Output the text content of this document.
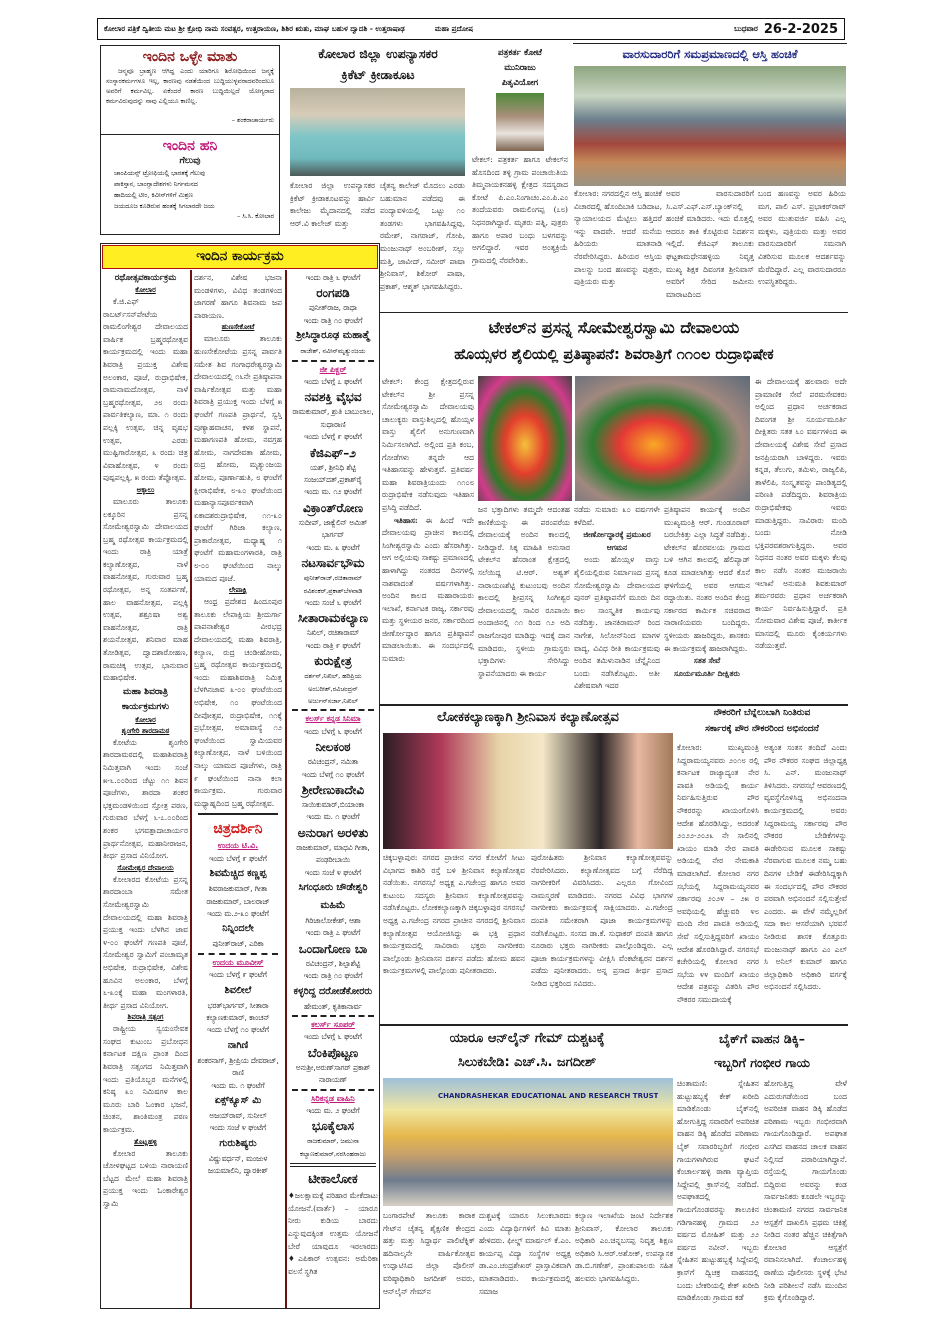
ಕೋಲಾರ ಪತ್ರಿಕೆ ದ್ವಿತೀಯ ಮಟ ಶ್ರೀ ಕ್ರೋಧಿ ನಾಮ ಸಂವತ್ಸರ, ಉತ್ತರಾಯಣ, ಶಿಶಿರ ಋತು, ಮಾಘ ಬಹುಳ ದ್ವಾದಶಿ - ಉತ್ತರಾಷಾಢ	ಮಹಾ ಪ್ರದೋಷ	ಬುಧವಾರ 26-2-2025
ಇಂದಿನ ಒಳ್ಳೇ ಮಾತು
ಜನ್ಮವೂ ಬ್ರಾಹ್ಮಣ ಆಗಿದ್ದ ಎಂದು ಯಾರಿಗೂ ಶಿರೋಧಿಯಿಂದ ಜನ್ಮಕ್ಕೆ ಸಂಸ್ಕಾರಕರ್ಮಗಳೂ ಇಲ್ಲ, ಕಾರಣವು ನಡತೆಯಿಂದ ಬುದ್ಧಿಯುಳ್ಳವರಾದವರಿಂದಲೂ ಅವರಿಗೆ ಕರ್ಮವಿಲ್ಲ. ಏಕೆಂದರೆ ಕಾರಣ ಬುದ್ಧಿಯಿಲ್ಲದೆ ಯೋಗ್ಯರಾದ ಕರ್ಮವಿರುವುದನ್ನು ನಾವು ಎಲ್ಲಿಯೂ ಕಾಣಿಲ್ಲ.
– ಶಂಕರಾಚಾರ್ಯರು
ಇಂದಿನ ಹನಿ
ಗೆಲುವು
ಚಾಂಪಿಯನ್ಸ್ ಟ್ರೋಫಿಯಲ್ಲಿ ಭಾರತಕ್ಕೆ ಗೆಲುವು
ಪಾಕಿಸ್ತಾನ, ಬಾಂಗ್ಲಾದೇಶಗಳು ನಿರ್ಗಮನದ
ಹಾದಿಯಲ್ಲಿ ಟೀಂ, ಕಿವೀಸ್‌ಗಳಿಗೆ ಮಿಶ್ರಣ
ಜಯದೂಜ ಕೂಡಿರುವ ಹಂತಕ್ಕೆ ಸಿಗಲಾರದೇ ಜಯ
– ಸಿ.ಸಿ. ಕೋಲಾರ
ಕೋಲಾರ ಜಿಲ್ಲಾ ಉಪನ್ಯಾಸಕರ
ಕ್ರಿಕೆಟ್ ಕ್ರೀಡಾಕೂಟ
ಕೋಲಾರ ಜಿಲ್ಲಾ ಉಪನ್ಯಾಸಕರ ಕ್ರಿಕೆಟ್ ಕ್ರೀಡಾಕೂಟವನ್ನು ಹಾರ್ವಿ ಕಾಲೇಜು ಮೈದಾನದಲ್ಲಿ ನಡೆದ ಆರ್.ವಿ ಕಾಲೇಜ್ ಮತ್ತು
ಚೈತನ್ಯ ಕಾಲೇಜ್ ಮೊದಲು ಎರಡು ಬಹುಮಾನ ಪಡೆದವು ಈ ಪಂದ್ಯಾವಳಿಯಲ್ಲಿ ಒಟ್ಟು ೧೦ ತಂಡಗಳು ಭಾಗವಹಿಸಿದ್ದವು, ರಮೇಶ್, ನಾಗರಾಜ್, ಗೋಪಿ, ಮಂಜುನಾಥ್ ಅಂಬರೀಶ್, ಸಲ್ಲು ಮತ್ತಿ, ಜಾವೀದ್, ಸಮೀರ್ ಪಾಷಾ ಶ್ರೀನಿವಾಸ್, ಶಿಕೋರ್ ಪಾಷಾ, ಪ್ರಕಾಶ್, ಆಶ್ಮತ್ ಭಾಗವಹಿಸಿದ್ದರು.
ಪತ್ರಕರ್ತ ಕೋಟೆ
ಮುನಿರಾಜು
ಪಿತೃವಿಯೋಗ
ಟೇಕಲ್: ಪತ್ರಕರ್ತ ಹಾಗೂ ಟೇಕಲ್‌ನ ಹೊಸದಿಂದ ತಳ್ಳಿ ಗ್ರಾಮ ಪಂಚಾಯಿತಿಯ ತಿಮ್ಮನಾಯಕನಹಳ್ಳಿ ಕ್ಷೇತ್ರದ ಸದಸ್ಯರಾದ ಕೋಟೆ ಪಿ.ಎಂ.ನಿಂಗಾಚಂ.ಎಂ.ಪಿ.ಎಂ ತಂದೆಯವರು ರಾಮಲಿಂಗಪ್ಪ (೭೮) ನಿಧನರಾಗಿದ್ದಾರೆ. ಮೃತರು ಪತ್ನಿ, ಪುತ್ರರು ಹಾಗೂ ಅಪಾರ ಬಂಧು ಬಳಗವನ್ನು ಅಗಲಿದ್ದಾರೆ. ಇವರ ಅಂತ್ಯಕ್ರಿಯೆ ಗ್ರಾಮದಲ್ಲಿ ನೆರವೇರಿತು.
ವಾರಸುದಾರರಿಗೆ ಸಮಪ್ರಮಾಣದಲ್ಲಿ ಆಸ್ತಿ ಹಂಚಿಕೆ
ಕೋಲಾರ: ನಗರದಲ್ಲಿನ ಆಸ್ತಿ ಹಂಚಿಕೆ ವಿಚಾರದಲ್ಲಿ ಹೊಂದಿಬಾಕಿ ಬಡಿದಾಟ, ನ್ಯಾಯಾಲಯದ ಮೆಟ್ಟಿಲು ಹತ್ತಿದರೆ ಇನ್ನು ವಾದವೇ. ಆದರೆ ಮನೆಯ ಹಿರಿಯರು ಮಾತನಾಡಿ ನೆರವೇರಿಸಿದ್ದರು. ಹಿರಿಯರ ಆಸ್ತಿಯ ಪಾಲನ್ನು ಬಂದ ಹಣವನ್ನು ಪುತ್ರರು, ಪುತ್ರಿಯರು ಮತ್ತು
ಅವರ ವಾರಸುದಾರರಿಗೆ ಸಿ.ಎಸ್.ಎಫ್.ಎಸ್.ಬ್ಯಾಂಕ್‌ನಲ್ಲಿ ಹಂಚಿಕೆ ಮಾಡಿದರು. ಇದು ಮೊತ್ತಲ್ಲಿ ಆದರೂ ತಾಕಿ ಕೊಟ್ಟಿರುವ ನಿದರ್ಶನ ಇಲ್ಲಿದೆ. ಕೆಜಿಎಫ್ ತಾಲೂಕು ಘಟ್ಟಕಾಮಧೇನಹಳ್ಳಿಯ ನಿವೃತ್ತ ಮುಖ್ಯ ಶಿಕ್ಷಕ ದಿವಂಗತ ಶ್ರೀನಿವಾಸ್ ಅವರಿಗೆ ಸೇರಿದ ಜಮೀನು ಮಾರಾಟದಿಂದ
ಬಂದ ಹಣವನ್ನು ಅವರ ಹಿರಿಯ ಮಗ, ಪಾಲಿ ಎಸ್. ಪ್ರಭಾಕರ್‌ರಾವ್ ಅವರ ಮುತುವರ್ಜಿ ವಹಿಸಿ ಎಲ್ಲ ಮಕ್ಕಳು, ಪುತ್ರಿಯರು ಮತ್ತು ಅವರ ವಾರಸುದಾರರಿಗೆ ಸಮನಾಗಿ ವಿತರಿಸುವ ಮೂಲಕ ಆದರ್ಶವನ್ನು ಮೆರೆದಿದ್ದಾರೆ. ಎಲ್ಲ ವಾರಸುದಾರರೂ ಉಪಸ್ಥಿತರಿದ್ದರು.
ಇಂದಿನ ಕಾರ್ಯಕ್ರಮ
ರಥೋತ್ಸವಕಾರ್ಯಕ್ರಮ
ಕೋಲಾರ
ಕೆ.ಜಿ.ಎಫ್ ರಾಬರ್ಟ್‌ಸನ್‌ಪೇಟೆಯ ರಾಮಲಿಂಗೇಶ್ವರ ದೇವಾಲಯದ ವಾರ್ಷಿಕ ಬ್ರಹ್ಮರಥೋತ್ಸವ ಕಾರ್ಯಕ್ರಮದಲ್ಲಿ ಇಂದು ಮಹಾ ಶಿವರಾತ್ರಿ ಪ್ರಯುಕ್ತ ವಿಶೇಷ ಅಲಂಕಾರ, ಪೂಜೆ, ರುದ್ರಾಭಿಷೇಕ, ರಾಮನಾಮದೋತ್ಸವ, ನಾಳೆ ಬ್ರಹ್ಮರಥೋತ್ಸವ, ೨೮ ರಂದು ಪಾರ್ವತಿಕಲ್ಯಾಣ, ಮಾ. ೧ ರಂದು ಪಲ್ಲಕ್ಕಿ ಉತ್ಸವ, ಚಿನ್ನ ವೃಷಭ ಉತ್ಸವ, ಎರಡು ಮುಷ್ಟಿಗಾರೋತ್ಸವ, ೩ ರಂದು ಚಿತ್ರ ವಿವಾಹೋತ್ಸವ, ೪ ರಂದು ಪುಷ್ಪಪಲ್ಲಕ್ಕಿ, ೫ ರಂದು ತೆಪ್ಪೋತ್ಸವ.
ಅಕ್ಕಾಲು
ಮಾಲೂರು ತಾಲೂಕು ಲಕ್ಕೂರಿನ ಪ್ರಸನ್ನ ಸೋಮೇಶ್ವರಸ್ವಾಮಿ ದೇವಾಲಯದ ಬ್ರಹ್ಮ ರಥೋತ್ಸವ ಕಾರ್ಯಕ್ರಮದಲ್ಲಿ ಇಂದು ರಾತ್ರಿ ಯಾತ್ರೆ ಕಲ್ಯಾಣೋತ್ಸವ, ನಾಳೆ ವಾಹನೋತ್ಸವ, ಗುರುವಾರ ಬ್ರಹ್ಮ ರಥೋತ್ಸವ, ಅನ್ನ ಸಂತರ್ಪಣೆ, ಹಾಲ ವಾಹನೋತ್ಸವ, ಪಲ್ಲಕ್ಕಿ ಉತ್ಸವ, ಶಶ್ರೂಷಾ ಅಶ್ವ ವಾಹನೋತ್ಸವ, ರಾತ್ರಿ ಶಯನೋತ್ಸವ, ಶನಿವಾರ ಮಾಹ ತೋಡಿತ್ಸವ, ದ್ವಾದಶಾರೋಹಣ, ರಾಮಚಿಕ್ಕ ಉತ್ಸವ, ಭಾನುವಾರ ಮಹಾಭಿಷೇಕ.
ಮಹಾ ಶಿವರಾತ್ರಿ
ಕಾರ್ಯಕ್ರಮಗಳು
ಕೋಲಾರ
ಶೃಂಗೇರಿ ಶಾರದಾಮಠ
ಕೋಟೆಯ ಶೃಂಗೇರಿ ಶಾರದಾಮಠದಲ್ಲಿ ಮಹಾಶಿವರಾತ್ರಿ ನಿಮಿತ್ತವಾಗಿ ಇಂದು ಸಂಜೆ ೫-೬.೦೦ರಿಂದ ಚೆಟ್ಟು ೧೧ ಶಿವನ ಪೂಜೆಗಳು, ಶಾರದಾ ಶಂಕರ ಭಕ್ತಮಂಡಳಿಯಿಂದ ಸ್ತೋತ್ರ ಪಠಣ, ಗುರುವಾರ ಬೆಳಗ್ಗೆ ೬-೭.೦೦ರಿಂದ ಶಂಕರ ಭಗವತ್ಪಾದಾಚಾರ್ಯರ ಪ್ರಾರ್ಥನೋತ್ಸವ, ಮಹಾನೀರಾಜನ, ತೀರ್ಥ ಪ್ರಸಾದ ವಿನಿಯೋಗ.
ಸೋಮೇಶ್ವರ ದೇವಾಲಯ
ಕೋಲಾರದ ಕೋಟೆಯ ಪ್ರಸನ್ನ ಶಾರದಾಂಬಾ ಸಮೇತ ಸೋಮೇಶ್ವರಸ್ವಾಮಿ ದೇವಾಲಯದಲ್ಲಿ ಮಹಾ ಶಿವರಾತ್ರಿ ಪ್ರಯುಕ್ತ ಇಂದು ಬೆಳಗಿನ ಜಾವ ೪-೦೦ ಘಂಟೆಗೆ ಗಣಪತಿ ಪೂಜೆ, ಸೋಮೇಶ್ವರ ಸ್ವಾಮಿಗೆ ಪಂಚಾಮೃತ ಅಭಿಷೇಕ, ರುದ್ರಾಭಿಷೇಕ, ವಿಶೇಷ ಹೂವಿನ ಅಲಂಕಾರ, ಬೆಳಗ್ಗೆ ೬-೩೦ಕ್ಕೆ ಮಹಾ ಮಂಗಳಾರತಿ, ತೀರ್ಥ ಪ್ರಸಾದ ವಿನಿಯೋಗ.
ಶಿವರಾತ್ರಿ ಸತ್ಸಂಗ
ರಾಷ್ಟ್ರೀಯ ಸ್ವಯಂಸೇವಕ ಸಂಘದ ಕುಟುಂಬ ಪ್ರಬೋಧನ ಕರ್ನಾಟಕ ದಕ್ಷಿಣ ಪ್ರಾಂತ ದಿಂದ ಶಿವರಾತ್ರಿ ಸತ್ಸಂಗದ ನಿಮಿತ್ತವಾಗಿ ಇಂದು ಪ್ರತಿಯೊಬ್ಬರ ಮನೆಗಳಲ್ಲಿ ಕನಿಷ್ಠ ೩೦ ನಿಮಿಷಗಳ ಕಾಲ ಮೂರು ಬಾರಿ ಓಂಕಾರ ಭಜನೆ, ಚಿಂತನ, ಶಾಂತಿಮಂತ್ರ ಪಠಣ ಕಾರ್ಯಕ್ರಮ.
ತೊಟ್ಲಹಳ್ಳಿ
ಕೋಲಾರ ತಾಲೂಕು ಚೋಳಘಟ್ಟದ ಬಳಿಯ ನಾರಾಯಣಿ ಬೆಟ್ಟದ ಮೇಲೆ ಮಹಾ ಶಿವರಾತ್ರಿ ಪ್ರಯುಕ್ತ ಇಂದು ಓಂಕಾರೇಶ್ವರ ಸ್ವಾಮಿ
ದರ್ಶನ, ವಿಶೇಷ ಭಜನಾ ಮಂಡಳಿಗಳು, ವಿವಿಧ ತಂಡಗಳಿಂದ ಜಾಗರಣೆ ಹಾಗೂ ಶಿವನಾಮ ಜಪ ಪಾರಾಯಣ.
ಹುಣಸೇಕೋಟೆ
ಮಾಲೂರು ತಾಲೂಕು ಹುಣಸೇಕೋಟೆಯ ಪ್ರಸನ್ನ ಪಾರ್ವತಿ ಸಮೇತ ಶಿವ ಗಂಗಾಧರೇಶ್ವರಸ್ವಾಮಿ ದೇವಾಲಯದಲ್ಲಿ ೧೬ನೇ ಪ್ರತಿಷ್ಠಾಪನಾ ವಾರ್ಷಿಕೋತ್ಸವ ಮತ್ತು ಮಹಾ ಶಿವರಾತ್ರಿ ಪ್ರಯುಕ್ತ ಇಂದು ಬೆಳಗ್ಗೆ ೫ ಘಂಟೆಗೆ ಗಣಪತಿ ಪ್ರಾರ್ಥನೆ, ಸ್ವಸ್ತಿ ಪುಣ್ಯಾಹವಾಚನ, ಕಳಶ ಸ್ಥಾಪನೆ, ಮಹಾಗಣಪತಿ ಹೋಮ, ನವಗ್ರಹ ಹೋಮ, ನಾಗದೇವತಾ ಹೋಮ, ರುದ್ರ ಹೋಮ, ಮೃತ್ಯುಂಜಯ ಹೋಮ, ಪೂರ್ಣಾಹುತಿ, ೮ ಘಂಟೆಗೆ ಕ್ಷೀರಾಭಿಷೇಕ, ೮-೩೦ ಘಂಟೆಯಿಂದ ಮಹಾನ್ಯಾಸಪೂರ್ವಕವಾಗಿ ಏಕಾದಶರುದ್ರಾಭಿಷೇಕ, ೧೧-೩೦ ಘಂಟೆಗೆ ಗಿರಿಜಾ ಕಲ್ಯಾಣ, ಪ್ರಾಕಾರೋತ್ಸವ, ಮಧ್ಯಾಹ್ನ ೧ ಘಂಟೆಗೆ ಮಹಾಮಂಗಳಾರತಿ, ರಾತ್ರಿ ೮-೦೦ ಘಂಟೆಯಿಂದ ನಾಲ್ಕು ಯಾಮದ ಪೂಜೆ.
ಲೇಪಾಕ್ಷಿ
ಆಂಧ್ರ ಪ್ರದೇಶದ ಹಿಂದೂಪುರ ತಾಲೂಕು ಲೇಪಾಕ್ಷಿಯ ಶ್ರೀದುರ್ಗಾ ಪಾಪನಾಶೇಶ್ವರ ವೀರಭದ್ರ ದೇವಾಲಯದಲ್ಲಿ ಮಹಾ ಶಿವರಾತ್ರಿ, ಕಲ್ಯಾಣ, ರುದ್ರ ಚಂಡೀಹೋಮ, ಬ್ರಹ್ಮ ರಥೋತ್ಸವ ಕಾರ್ಯಕ್ರಮದಲ್ಲಿ ಇಂದು ಮಹಾಶಿವರಾತ್ರಿ ನಿಮಿತ್ತ ಬೆಳಗಿನಜಾವ ೩-೦೦ ಘಂಟೆಯಿಂದ ಅಭಿಷೇಕ, ೧೦ ಘಂಟೆಯಿಂದ ದೀಪೋತ್ಸವ, ರುದ್ರಾಭಿಷೇಕ, ೧೧ಕ್ಕೆ ಪ್ರಭೋತ್ಸವ, ಅಮಾವಾಸ್ಯೆ ೧೨ ಘಂಟೆಯಿಂದ ಸ್ವಾಮಿಯವರ ಕಲ್ಯಾಣೋತ್ಸವ, ನಾಳೆ ಬಳಿಯಿಂದ ನಾಲ್ಕು ಯಾಮದ ಪೂಜೆಗಳು, ರಾತ್ರಿ ೯ ಘಂಟೆಯಿಂದ ನಾನಾ ಕಲಾ ಕಾರ್ಯಕ್ರಮ. ಗುರುವಾರ ಮಧ್ಯಾಹ್ನದಿಂದ ಬ್ರಹ್ಮ ರಥೋತ್ಸವ.
ಚಿತ್ರದರ್ಶಿನಿ
ಉದಯ ಟಿ.ವಿ.
ಇಂದು ಬೆಳಗ್ಗೆ ೯ ಘಂಟೆಗೆ
ಶಿವಮೆಚ್ಚಿದ ಕಣ್ಣಪ್ಪ
ಶಿವರಾಜಕುಮಾರ್, ಗೀತಾ ರಾಜಕುಮಾರ್, ಬಾಲರಾಜ್
ಇಂದು ಮ.೨-೩೦ ಘಂಟೆಗೆ
ನಿನ್ನಿಂದಲೇ
ಪುನೀತ್‌ರಾಜ್, ಎರಿಕಾ
ಉದಯ ಮೂವೀಸ್
ಇಂದು ಬೆಳಗ್ಗೆ ೯ ಘಂಟೆಗೆ
ಶಿವಲೀಲೆ
ಭರತ್‌ಭಾರ್ಗವ್, ಸೀತಾರಾ ಕಲ್ಯಾಣಕುಮಾರ್, ಕಾಂಚನ್
ಇಂದು ಬೆಳಗ್ಗೆ ೧೦ ಘಂಟೆಗೆ
ನಾಗಿಣಿ
ಶಂಕರನಾಗ್, ಶ್ರೀಪ್ರಿಯ ದೇವರಾಜ್, ರಾಣಿ
ಇಂದು ಮ. ೧ ಘಂಟೆಗೆ
ಏಕ್ಸ್‌ಕ್ಯೂಸ್ ಮಿ
ಅಜಯ್‌ರಾವ್, ಸುನೀಲ್
ಇಂದು ಸಂಜೆ ೪ ಘಂಟೆಗೆ
ಗುರುಶಿಷ್ಯರು
ವಿಷ್ಣುವರ್ಧನ್, ಮಂಜುಳ ಜಯಮಾಲಿನಿ, ದ್ವಾರಕೀಶ್
ಇಂದು ರಾತ್ರಿ ೬ ಘಂಟೆಗೆ
ರಂಗಪಡಿ
ಪುನೀತ್‌ರಾಜ, ರಾಧಾ
ಇಂದು ರಾತ್ರಿ ೧೦ ಘಂಟೆಗೆ
ಶ್ರೀಸಿದ್ಧಾರೂಢ ಮಹಾತ್ಮೆ
ರಾಜೇಶ್, ನವೀನ್‌ಮೃತ್ಯುಂಜಯ
ಜೀ ಪಿಕ್ಚರ್
ಇಂದು ಬೆಳಗ್ಗೆ ೭ ಘಂಟೆಗೆ
ನವಶಕ್ತಿ ವೈಭವ
ರಾಮಕುಮಾರ್, ಶ್ರುತಿ ಬಾಬುಲಾಲ, ಸುಧಾರಾಣಿ
ಇಂದು ಬೆಳಗ್ಗೆ ೯ ಘಂಟೆಗೆ
ಕೆಜಿಎಫ್–೨
ಯಶ್, ಶ್ರೀನಿಧಿ ಶೆಟ್ಟಿ ಸಂಜಯ್‌ದತ್,ಪ್ರಕಾಶ್‌ರೈ
ಇಂದು ಮ. ೧೨ ಘಂಟೆಗೆ
ವಿಕ್ರಾಂತ್‌ರೋಣ
ಸುದೀಪ್, ಜಾಕ್ವೆಲಿನ್ ಅಮಿತ್ ಭಾರ್ಗವ್
ಇಂದು ಮ. ೩ ಘಂಟೆಗೆ
ನಟಸಾರ್ವಭೌಮ
ಪುನೀತ್‌ರಾಜ್,ರಚಿತಾರಾಮ್ ರವಿಶಂಕರ್,ಪ್ರಕಾಶ್‌ಬೆಳವಾಡಿ
ಇಂದು ಸಂಜೆ ೬ ಘಂಟೆಗೆ
ಸೀತಾರಾಮಕಲ್ಯಾಣ
ನಿಖಿಲ್, ರಚಿತಾರಾಮ್
ಇಂದು ರಾತ್ರಿ ೯ ಘಂಟೆಗೆ
ಕುರುಕ್ಷೇತ್ರ
ದರ್ಶನ್,ನಿಖಿಲ್, ಹರಿಪ್ರಿಯ ಅಂಬರೀಶ್,ರವಿಚಂದ್ರನ್ ಅರ್ಜುನ್‌ಸರ್ಜಾ,ನಿಖಿಲ್
ಕಲರ್ಸ್ ಕನ್ನಡ ಸಿನಿಮಾ
ಇಂದು ಬೆಳಗ್ಗೆ ೬ ಘಂಟೆಗೆ
ನೀಲಕಂಠ
ರವಿಚಂದ್ರನ್, ನಮಿತಾ
ಇಂದು ಬೆಳಗ್ಗೆ ೧೦ ಘಂಟೆಗೆ
ಶ್ರೀರೇಣುಕಾದೇವಿ
ಸಾಯಿಕುಮಾರ್,ಬಿಯಾಂಕಾ
ಇಂದು ಮ. ೧ ಘಂಟೆಗೆ
ಅನುರಾಗ ಅರಳಿತು
ರಾಜಕುಮಾರ್, ಮಾಧವಿ ಗೀತಾ, ಪಂಢರೀಬಾಯಿ
ಇಂದು ಸಂಜೆ ೪ ಘಂಟೆಗೆ
ಸಿಗಂಧೂರು ಚೌಡೇಶ್ವರಿ ಮಹಿಮೆ
ಗಿರಿಜಾಲೋಕೇಶ್, ಆಶಾ
ಇಂದು ರಾತ್ರಿ ೭ ಘಂಟೆಗೆ
ಒಂದಾಗೋಣ ಬಾ
ರವಿಚಂದ್ರನ್, ಶಿಲ್ಪಾಶೆಟ್ಟಿ
ಇಂದು ರಾತ್ರಿ ೧೦ ಘಂಟೆಗೆ
ಕಳ್ಳರಿದ್ದ ದರೋಡೆಕೋರರು
ಹೇಮಂತ್, ಕೃತಿಕಾನಾರ್ವ
ಕಲರ್ಸ್ ಸೂಪರ್
ಇಂದು ಬೆಳಗ್ಗೆ ೬ ಘಂಟೆಗೆ
ಬೆಂಕಿಪೊಟ್ಟಣ
ಅನುಶ್ರೀ,ಅರುಣ್‌ಸಾಗರ್ ಪ್ರಕಾಶ್ ನಾರಾಯಣ್
ಸಿರಿಕನ್ನಡ ವಾಹಿನಿ
ಇಂದು ಮ. ೨ ಘಂಟೆಗೆ
ಭೂಕೈಲಾಸ
ರಾಜಕುಮಾರ್, ಜಮುನಾ ಕಲ್ಯಾಣಕುಮಾರ್,ನರಸಿಂಹರಾಜು
ಟೀಕಾಲೋಕ
♦ಜಲಕ್ಷಾಮಕ್ಕೆ ಪರಿಹಾರ ಮೇಕೆದಾಟು ಯೋಜನೆ.(ವಾರ್ತೆ) – ಯಾರೂ ನೀರು ಕುಡಿಯ ಬಾರದು ಎನ್ನುವುದಕ್ಕಿಂತ ಉತ್ತಮ ಯೋಜನೆ ಬೇರೆ ಯಾವುದೂ ಇರಲಾರದು ♦ಎಪಿಕಾರ್ ಉತ್ಸವನ: ಅಮೆರಿಕಾ ವಲಸೆ ಸ್ಥಗಿತ
ಟೇಕಲ್‌ನ ಪ್ರಸನ್ನ ಸೋಮೇಶ್ವರಸ್ವಾಮಿ ದೇವಾಲಯ
ಹೊಯ್ಸಳರ ಶೈಲಿಯಲ್ಲಿ ಪ್ರತಿಷ್ಠಾಪನೆ: ಶಿವರಾತ್ರಿಗೆ ೧೧೦ಲ ರುದ್ರಾಭಿಷೇಕ
ಟೇಕಲ್: ಕೇಂದ್ರ ಕ್ಷೇತ್ರದಲ್ಲಿರುವ ಟೇಕಲ್‌ನ ಶ್ರೀ ಪ್ರಸನ್ನ ಸೋಮೇಶ್ವರಸ್ವಾಮಿ ದೇವಾಲಯವು ಚಾಲುಕ್ಯರು ವಾಸ್ತುಶಿಲ್ಪದಲ್ಲಿ ಹೊಯ್ಸಳ ವಾಸ್ತು ಶೈಲಿಗೆ ಅನುಗುಣವಾಗಿ ನಿರ್ಮಿಸಲಾಗಿದೆ. ಅಲ್ಲಿಂದ ಪ್ರತಿ ಕಂಬ, ಗೋಡೆಗಳು ತನ್ನದೇ ಆದ ಇತಿಹಾಸವನ್ನು ಹೇಳುತ್ತವೆ. ಪ್ರತಿವರ್ಷ ಮಹಾ ಶಿವರಾತ್ರಿಯಂದು ೧೧೦೮ ರುದ್ರಾಭಿಷೇಕ ನಡೆಸುವುದು ಇತಿಹಾಸ ಪ್ರಸಿದ್ಧಿ ಪಡೆದಿದೆ.
ಇತಿಹಾಸ: ಈ ಹಿಂದೆ ಇದೇ ದೇವಾಲಯವು ಪ್ರಾಚೀನ ಕಾಲದಲ್ಲಿ ಸಿಂಗೀಶ್ವರಸ್ವಾಮಿ ಎಂದು ಹೆಸರಾಗಿತ್ತು. ಆಗ ಅಲ್ಲಿಯವು ಸಾಕಷ್ಟು ಪ್ರಮಾಣದಲ್ಲಿ ಹಾಳಾಗಿದ್ದು ನಂತರದ ದಿನಗಳಲ್ಲಿ ನಾಶವಾದಂತೆ ವರ್ಷಗಳಾಗಿತ್ತು. ಅಂದಿನ ಕಾಲದ ಮಹಾರಾಯರು ಇಲಾಖೆ, ಕರ್ನಾಟಕ ರಾಜ್ಯ, ಸರ್ಕಾರವು ಮತ್ತು ಸ್ಥಳೀಯರ ಜನರ, ಸರ್ಕಾರದಿಂದ ಜೀರ್ಣೋದ್ಧಾರ ಹಾಗೂ ಪ್ರತಿಷ್ಠಾಪನೆ ಮಾಡಲಾಯಿತು. ಈ ಸಂದರ್ಭದಲ್ಲಿ ಸುಮಾರು
ಜನ ಭಕ್ತಾದಿಗಳು ತಮ್ಮದೇ ಆದಂತಹ ಕಾಣಿಕೆಯನ್ನು ಈ ಪರಂಪರೆಯ ದೇವಾಲಯಕ್ಕೆ ಅಂದಿನ ಕಾಲದಲ್ಲಿ ನೀಡಿದ್ದಾರೆ. ಸಿಕ್ಕ ಮಾಹಿತಿ ಅನುಸಾರ ಟೇಕಲ್‌ನ ಹೆಸರಾಂತ ಕ್ಷೇತ್ರದಲ್ಲಿ ಸಲೆಯಿದ್ದ ಟಿ.ಆರ್. ಅಶ್ವತ್ ನಾರಾಯಣಶೆಟ್ಟಿ ಕುಟುಂಬವು ಅಂದಿನ ಕಾಲದಲ್ಲಿ ಶ್ರೀಪ್ರಸನ್ನ ಸಿಂಗೀಶ್ವರ ದೇವಾಲಯದಲ್ಲಿ ಸಾವಿರ ರೂಪಾಯಿ ಅಂದಾಜಿನಲ್ಲಿ ೧೧ ರಿಂದ ೧೨ ಅದಿ ರಾಜಗೋಪುರ ಮಾಡಿದ್ದು ಇದಕ್ಕೆ ದಾನ ಮಾಡಿದರು, ಸ್ಥಳೀಯ ಗ್ರಾಮಸ್ಥರು ಭಕ್ತಾದಿಗಳು ಸೇರಿಸಿದ್ದು ಸ್ಥಾಪನೆಯಾದರು ಈ ಕಾರ್ಯ
ನಡೆದು ಸುಮಾರು ೩೦ ವರ್ಷಗಳೇ ಕಳೆದಿವೆ.
ಜೀರ್ಣೋದ್ಧಾರಕ್ಕೆ ಪ್ರಮುಖರ ಆಗಮನ
ಅಂದು ಹೊಯ್ಸಳ ವಾಸ್ತು ಶೈಲಿಯಲ್ಲಿರುವ ನಿರ್ಮಾಣದ ಪ್ರಸನ್ನ ಸೋಮೇಶ್ವರಸ್ವಾಮಿ ದೇವಾಲಯದ ಪುನರ್ ಪ್ರತಿಷ್ಠಾಪನೆಗೆ ಮೂರು ದಿನ ಕಾಲ ಸಾಂಸ್ಕೃತಿಕ ಕಾರ್ಯವು ನಡೆದಿತ್ತು. ಜಾನಕಿರಾಮನ್ ರಿಂದ ನಾಗೇಶ, ಸಿಲೋನ್‌ನಿಂದ ಮಾಗಳ ವಾದ್ಯ, ವಿವಿಧ ರೀತಿ ಕಾರ್ಯಕ್ರಮವು ಅಂದಿನ ತಮಿಳುನಾಡಿನ ಚೆನ್ನೈನಿಂದ ಬಂದು ನಡೆಸಿಕೊಟ್ಟರು. ಅತೀ ವಿಶೇಷವಾಗಿ ಇದರ
ಪ್ರತಿಷ್ಠಾಪನ ಕಾರ್ಯಕ್ಕೆ ಅಂದಿನ ಮುಖ್ಯಮಂತ್ರಿ ಆರ್. ಗುಂಡೂರಾವ್ ಬರಬೇಕಿತ್ತು ಎಲ್ಲಾ ಸಿದ್ಧತೆ ನಡೆದಿತ್ತು. ಟೇಕಲ್‌ನ ಹೊರವಲಯ ಗ್ರಾಮದ ಬಳಿ ಆಗಿನ ಕಾಲದಲ್ಲಿ ಹೆಲಿಪ್ಯಾಡ್ ಕೂಡ ಮಾಡಲಾಗಿತ್ತು ಆದರೆ ಕೊನೆ ಘಳಿಗೆಯಲ್ಲಿ ಅವರ ಆಗಮನ ರದ್ದಾಯಿತು. ನಂತರ ಅಂದಿನ ಕೇಂದ್ರ ಸರ್ಕಾರದ ಕಾರ್ಮಿಕ ಸಚಿವರಾದ ನಾರಾಣಿಯವರು ಬಂದಿದ್ದರು. ಸ್ಥಳೀಯರು ಹಾಜರಿದ್ದರು, ಶಾಸಕರು ಈ ಕಾರ್ಯಕ್ರಮಕ್ಕೆ ಹಾಜರಾಗಿದ್ದರು.
ಸತತ ಸೇವೆ
ಸೂರ್ಯಮೂರ್ತಿ ದೀಕ್ಷಿತರು
ಈ ದೇವಾಲಯಕ್ಕೆ ಹಲವಾರು ಅದೇ ಪ್ರಾಮಾಣಿಕ ಸೇವೆ ಪರಮಸೇವಕರು ಅಲ್ಲಿಂದ ಪ್ರಧಾನ ಅರ್ಚಕರಾದ ದಿವಂಗತ ಶ್ರೀ ಸೂರ್ಯಮೂರ್ತಿ ದೀಕ್ಷಿತರು ಸತತ ೬೦ ವರ್ಷಗಳಿಂದ ಈ ದೇವಾಲಯಕ್ಕೆ ವಿಶೇಷ ಸೇವೆ ಪ್ರಸಾದ ಜನಪ್ರಿಯರಾಗಿ ಬಾಳಿದ್ದರು. ಇವರು ಕನ್ನಡ, ತೆಲುಗು, ತಮಿಳು, ರಾಜ್ಯಲಿಪಿ, ತಾಳೆಲಿಪಿ, ಸಂಸ್ಕೃತವನ್ನು ಪಾಂಡಿತ್ಯದಲ್ಲಿ ಪರಿಣತಿ ಪಡೆದಿದ್ದರು. ಶಿವರಾತ್ರಿಯ ರುದ್ರಾಭಿಷೇಕವು ಇವರು ಮಾಡುತ್ತಿದ್ದರು. ಸಾವಿರಾರು ಮಂದಿ ಬಂದು ನೋಡಿ ಭಕ್ತಿಪರವಶರಾಗುತ್ತಿದ್ದರು. ಅವರ ನಿಧನದ ನಂತರ ಅವರ ಮಕ್ಕಳು ಕೆಲವು ಕಾಲ ನಡೆಸಿ ನಂತರ ಮುಜರಾಯಿ ಇಲಾಖೆ ಅನುಮತಿ ಶಿವಕುಮಾರ್ ಶರ್ಮರವರು ಪ್ರಧಾನ ಅರ್ಚಕರಾಗಿ ಕಾರ್ಯ ನಿರ್ವಹಿಸುತ್ತಿದ್ದಾರೆ. ಪ್ರತಿ ಸೋಮವಾರ ವಿಶೇಷ ಪೂಜೆ, ಕಾರ್ತೀಕ ಮಾಸದಲ್ಲಿ ಮೂರು ಕೈಂಕರ್ಯಗಳು ನಡೆಯುತ್ತವೆ.
ಲೋಕಕಲ್ಯಾಣಕ್ಕಾಗಿ ಶ್ರೀನಿವಾಸ ಕಲ್ಯಾಣೋತ್ಸವ
ಚಿಕ್ಕಬಳ್ಳಾಪುರ: ನಗರದ ಪ್ರಾಚೀನ ನಗರ ಕೋಟೆಗೆ ಸೀಟು ವಿಭಾಗದ ಕಾಶಿರಿ ರಸ್ತೆ ಬಳಿ ಶ್ರೀನಿವಾಸ ಕಲ್ಯಾಣೋತ್ಸವ ನಡೆಯಿತು. ನಗರಸಭೆ ಅಧ್ಯಕ್ಷ ಎ.ಗಜೇಂದ್ರ ಹಾಗೂ ಅವರ ಕುಟುಂಬ ಸದಸ್ಯರು ಶ್ರೀನಿವಾಸ ಕಲ್ಯಾಣೋತ್ಸವವನ್ನು ನಡೆಸಿಕೊಟ್ಟರು. ಲೋಕಕಲ್ಯಾಣಕ್ಕಾಗಿ ಚಿಕ್ಕಬಳ್ಳಾಪುರ ನಗರಸಭೆ ಅಧ್ಯಕ್ಷ ಎ.ಗಜೇಂದ್ರ ನಗರದ ಪ್ರಾಚೀನ ನಗರದಲ್ಲಿ ಶ್ರೀನಿವಾಸ ಕಲ್ಯಾಣೋತ್ಸವ ಆಯೋಜಿಸಿದ್ದು ಈ ಭಕ್ತಿ ಪ್ರಧಾನ ಕಾರ್ಯಕ್ರಮದಲ್ಲಿ ಸಾವಿರಾರು ಭಕ್ತರು ನಾಗರೀಕರು ಪಾಲ್ಗೊಂಡು ಶ್ರೀನಿವಾಸನ ದರ್ಶನ ಪಡೆದು ಹೋಮ ಹವನ ಕಾರ್ಯಕ್ರಮಗಳಲ್ಲಿ ಪಾಲ್ಗೊಂಡು ಪುನೀತರಾದರು.
ಪುರೋಹಿತರು ಶ್ರೀನಿವಾಸ ಕಲ್ಯಾಣೋತ್ಸವವನ್ನು ನೆರವೇರಿಸಿದರು. ಕಲ್ಯಾಣೋತ್ಸವದ ಬಗ್ಗೆ ನೆರೆದಿದ್ದ ನಾಗರೀಕರಿಗೆ ವಿವರಿಸಿದರು. ಎಲ್ಲರೂ ಗೋವಿಂದ ನಾಮಸ್ಮರಣೆ ಮಾಡಿದರು. ನಗರದ ವಿವಿಧ ಭಾಗಗಳ ನಾಗರೀಕರು ಕಾರ್ಯಕ್ರಮಕ್ಕೆ ಸಾಕ್ಷಿಯಾದರು. ಎ.ಗಜೇಂದ್ರ ದಂಪತಿ ಸಮೇತರಾಗಿ ಪೂಜಾ ಕಾರ್ಯಕ್ರಮಗಳನ್ನು ನಡೆಸಿಕೊಟ್ಟರು. ಸಂಸದ ಡಾ.ಕೆ. ಸುಧಾಕರ್ ದಂಪತಿ ಹಾಗೂ ನೂರಾರು ಭಕ್ತರು ನಾಗರೀಕರು ಪಾಲ್ಗೊಂಡಿದ್ದರು. ಎಲ್ಲ ಪೂಜಾ ಕಾರ್ಯಕ್ರಮಗಳನ್ನು ವೀಕ್ಷಿಸಿ ವೆಂಕಟೇಶ್ವರನ ದರ್ಶನ ಪಡೆದು ಪುನೀತರಾದರು. ಅನ್ನ ಪ್ರಸಾದ ತೀರ್ಥ ಪ್ರಸಾದ ನೀಡಿದ ಭಕ್ತರಿಂದ ಸವಿದರು.
ನೌಕರರಿಗೆ ಬೆನ್ನೆಲುಬಾಗಿ ನಿಂತಿರುವ
ಸರ್ಕಾರಕ್ಕೆ ಪೌರ ನೌಕರರಿಂದ ಅಭಿನಂದನೆ
ಕೋಲಾರ: ಮುಖ್ಯಮಂತ್ರಿ ಸಿದ್ದರಾಮಯ್ಯನವರು ೨೦೧೮ ರಲ್ಲಿ ಕರ್ನಾಟಕ ರಾಜ್ಯಾದ್ಯಂತ ನೇರ ಪಾವತಿ ಅಡಿಯಲ್ಲಿ ಕಾರ್ಯ ನಿರ್ವಹಿಸುತ್ತಿರುವ ಪೌರ ನೌಕರರನ್ನು ಖಾಯಂಗೊಳಿಸಿ ಆದೇಶ ಹೊರಡಿಸಿದ್ದು, ಅದರಂತೆ ೨೦೨೨-೨೦೨೩ ನೇ ಸಾಲಿನಲ್ಲಿ ಖಾಯಂ ಮಾಡಿ ನೇರ ಪಾವತಿ ಅಡಿಯಲ್ಲಿ ನೇರ ನೇಮಕಾತಿ ಮಾಡಲಾಗಿದೆ. ಕೋಲಾರ ನಗರ ಸಭೆಯಲ್ಲಿ ಸಿದ್ದರಾಮಯ್ಯನವರ ಸರ್ಕಾರವು ೨೦೨೪ – ೨೫ ರ ಅವಧಿಯಲ್ಲಿ ಹೆಚ್ಚುವರಿ ೪೮ ಮಂದಿ ನೇರ ಪಾವತಿ ಅಡಿಯಲ್ಲಿ ಸೇವೆ ಸಲ್ಲಿಸುತ್ತಿದ್ದವರಿಗೆ ಖಾಯಂ ಆದೇಶ ಹೊರಡಿಸಿದ್ದಾರೆ. ನಗರಸಭೆ ಕಚೇರಿಯಲ್ಲಿ ಕೋಲಾರ ನಗರ ಸಭೆಯ ೪೪ ಮಂದಿಗೆ ಖಾಯಂ ಆದೇಶ ಪತ್ರವನ್ನು ವಿತರಿಸಿ ಪೌರ ನೌಕರರ ಸಮುದಾಯಕ್ಕೆ
ಅತ್ಯಂತ ಸಂತಸ ತಂದಿದೆ ಎಂದು ಪೌರ ನೌಕರರ ಸಂಘದ ಜಿಲ್ಲಾಧ್ಯಕ್ಷ ಸಿ. ಎನ್. ಮಂಜುನಾಥ್ ತಿಳಿಸಿದರು. ನಗರಸಭೆ ಆವರಣದಲ್ಲಿ ವ್ಯವಸ್ಥೆಗೊಳಿಸಿದ್ದ ಅಭಿನಂದನಾ ಕಾರ್ಯಕ್ರಮದಲ್ಲಿ ಅವರು ಸಿದ್ದರಾಮಯ್ಯ ಸರ್ಕಾರವು ಪೌರ ನೌಕರರ ಬೇಡಿಕೆಗಳನ್ನು ಈಡೇರಿಸುವ ಮೂಲಕ ಸಾಕಷ್ಟು ನೆರವಾಗುವ ಮೂಲಕ ನಮ್ಮ ಬಹು ದಿನಗಳ ಬೇಡಿಕೆ ಈಡೇರಿಸಿದ್ದಕ್ಕಾಗಿ ಈ ಸಂದರ್ಭದಲ್ಲಿ ಪೌರ ನೌಕರರ ಪರವಾಗಿ ಅಭಿನಂದನೆ ಸಲ್ಲಿಸುತ್ತೇವೆ ಎಂದರು. ಈ ವೇಳೆ ನಮ್ಮೆಲ್ಲರಿಗೆ ಸದಾ ಕಾಲ ಆಸರೆಯಾಗಿ ಭರವಸೆ ನೀಡಿರುವ ಶಾಸಕ ಕೊತ್ತೂರು ಮಂಜುನಾಥ್ ಹಾಗೂ ಎಂ ಎಲ್ ಸಿ ಅನಿಲ್ ಕುಮಾರ್ ಹಾಗೂ ಜಿಲ್ಲಾಧಿಕಾರಿ ಅಧಿಕಾರಿ ವರ್ಗಕ್ಕೆ ಅಭಿನಂದನೆ ಸಲ್ಲಿಸಿದರು.
ಯಾರೂ ಆನ್‌ಲೈನ್ ಗೇಮ್ ದುಶ್ಚಟಕ್ಕೆ
ಸಿಲುಕಬೇಡಿ: ಎಚ್.ಸಿ. ಜಗದೀಶ್
CHANDRASHEKAR EDUCATIONAL AND RESEARCH TRUST
ಬಂಗಾರಪೇಟೆ ತಾಲೂಕು ಕಾರಾಕ ಗೇಟ್‌ನ ಚೈತನ್ಯ ಶೈಕ್ಷಣಿಕ ಕೇಂದ್ರದ ಹತ್ತು ಮತ್ತು ಸಿದ್ದಾರ್ಥ ಪಾಲಿಟೆಕ್ನಿಕ್ ಹದಿನಾಲ್ಕನೇ ವಾರ್ಷಿಕೋತ್ಸವ ಉದ್ಘಾಟಿಸಿದ ಜಿಲ್ಲಾ ಪೊಲೀಸ್ ವರಿಷ್ಠಾಧಿಕಾರಿ ಜಗದೀಶ್ ಅವರು, ಆನ್‌ಲೈನ್ ಗೇಮ್‌ನ
ದುಶ್ಚಟಕ್ಕೆ ಯಾರೂ ಸಿಲುಕಬಾರದು ಎಂದು ವಿದ್ಯಾರ್ಥಿಗಳಿಗೆ ಕಿವಿ ಮಾತು ಹೇಳಿದರು. ಫೀಲ್ಡ್ ಮಾರ್ಷಲ್ ಕೆ.ಎಂ. ಕಾರ್ಯಪ್ಪ ವಿದ್ಯಾ ಸಂಸ್ಥೆಗಳ ಅಧ್ಯಕ್ಷ ಡಾ.ಎಂ.ಚಂದ್ರಶೇಖರ್ ಪ್ರಾಸ್ತಾವಿಕವಾಗಿ ಮಾತನಾಡಿದರು. ಕಾರ್ಯಕ್ರಮದಲ್ಲಿ ಸಮಾಜ
ಕಲ್ಯಾಣ ಇಲಾಖೆಯ ಜಂಟಿ ನಿರ್ದೇಶಕ ಶ್ರೀನಿವಾಸ್, ಕೋಲಾರ ತಾಲೂಕು ಅಧಿಕಾರಿ ಎಂ.ಚಿನ್ನಬಸಪ್ಪ ನಿವೃತ್ತ ಶಿಕ್ಷಣ ಅಧಿಕಾರಿ ಸಿ.ಆರ್.ಅಶೋಕ್, ಉಪನ್ಯಾಸಕ ಡಾ.ಬಿ.ಗಣೇಶ್, ಪ್ರಾಂಶುಪಾಲರು ಸಹಿತ ಹಲವರು ಭಾಗವಹಿಸಿದ್ದರು.
ಬೈಕ್‌ಗೆ ವಾಹನ ಡಿಕ್ಕಿ–
ಇಬ್ಬರಿಗೆ ಗಂಭೀರ ಗಾಯ
ಚಿಂತಾಮಣಿ: ಸ್ನೇಹಿತನ ಹುಟ್ಟುಹಬ್ಬಕ್ಕೆ ಕೇಕ್ ಖರೀದಿ ಮಾಡಿಕೊಂಡು ಬೈಕ್‌ನಲ್ಲಿ ಹೋಗುತ್ತಿದ್ದ ಸವಾರರಿಗೆ ಅಪರಿಚಿತ ವಾಹನ ಡಿಕ್ಕಿ ಹೊಡೆದ ಪರಿಣಾಮ ಬೈಕ್ ಸವಾರರಿಬ್ಬರಿಗೆ ಗಂಭೀರ ಗಾಯಗಳಾಗಿರುವ ಘಟನೆ ಕೆಂಚಾರ್ಲಹಳ್ಳಿ ಠಾಣಾ ವ್ಯಾಪ್ತಿಯ ಸಿದ್ದೇಪಲ್ಲಿ ಕ್ರಾಸ್‌ನಲ್ಲಿ ನಡೆದಿದೆ. ಅಪಘಾತದಲ್ಲಿ ಗಾಯಗೊಂಡವರನ್ನು ತಾಲೂಕಿನ ಗಡಿಗಾನಹಳ್ಳಿ ಗ್ರಾಮದ ೨೨ ವರ್ಷದ ಮೋಹಿತ್ ಮತ್ತು ೨೨ ವರ್ಷದ ನವೀನ್. ಇಬ್ಬರು ಸ್ನೇಹಿತನ ಹುಟ್ಟುಹಬ್ಬಕ್ಕೆ ಸಿದ್ದೇಪಲ್ಲಿ ಕ್ರಾಸ್‌ಗೆ ದ್ವಿಚಕ್ರ ವಾಹನದಲ್ಲಿ ಬಂದು ಬೇಕರಿಯಲ್ಲಿ ಕೇಕ್ ಖರೀದಿ ಮಾಡಿಕೊಂಡು ಗ್ರಾಮದ ಕಡೆ
ಹೋಗುತ್ತಿದ್ದ ವೇಳೆ ಎದುರುಗಡೆಯಿಂದ ಬಂದ ಅಪರಿಚಿತ ವಾಹನ ಡಿಕ್ಕಿ ಹೊಡೆದ ಪರಿಣಾಮ ಇಬ್ಬರು ಗಂಭೀರವಾಗಿ ಗಾಯಗೊಂಡಿದ್ದಾರೆ. ಅಪಘಾತ ಎಸಗಿದ ವಾಹನದ ಚಾಲಕ ವಾಹನ ನಿಲ್ಲಿಸದೆ ಪರಾರಿಯಾಗಿದ್ದಾನೆ. ರಸ್ತೆಯಲ್ಲಿ ಗಾಯಗೊಂಡು ಬಿದ್ದಿರುವ ಅವರನ್ನು ಕಂಡ ಸಾರ್ವಜನಿಕರು ಕೂಡಲೇ ಇಬ್ಬರನ್ನು ಚಿಂತಾಮಣಿ ನಗರದ ಸಾರ್ವಜನಿಕ ಆಸ್ಪತ್ರೆಗೆ ದಾಖಲಿಸಿ ಪ್ರಥಮ ಚಿಕಿತ್ಸೆ ನೀಡಿದ ನಂತರ ಹೆಚ್ಚಿನ ಚಿಕಿತ್ಸೆಗಾಗಿ ಕೋಲಾರ ಆಸ್ಪತ್ರೆಗೆ ರವಾನಿಸಲಾಗಿದೆ. ಕೆಂಚಾರ್ಲಹಳ್ಳಿ ಠಾಣೆಯ ಪೊಲೀಸರು ಸ್ಥಳಕ್ಕೆ ಭೇಟಿ ನೀಡಿ ಪರಿಶೀಲನೆ ನಡೆಸಿ ಮುಂದಿನ ಕ್ರಮ ಕೈಗೊಂಡಿದ್ದಾರೆ.
